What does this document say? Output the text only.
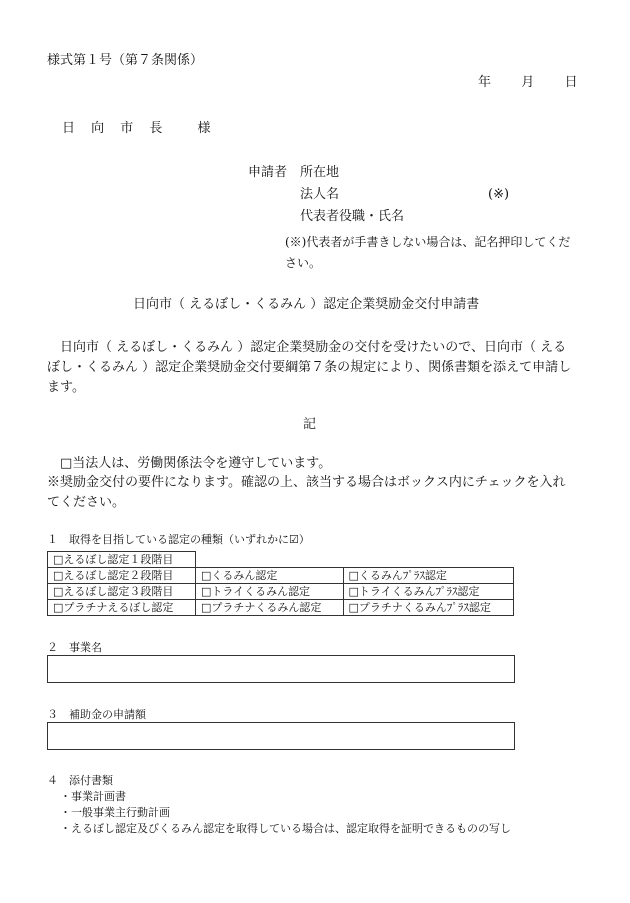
様式第１号（第７条関係）
年 月 日
日 向 市 長 　様
申請者 所在地
法人名	(※)
代表者役職・氏名
(※)代表者が手書きしない場合は、記名押印してください。
日向市（ えるぼし・くるみん ）認定企業奨励金交付申請書
日向市（ えるぼし・くるみん ）認定企業奨励金の交付を受けたいので、日向市（ えるぼし・くるみん ）認定企業奨励金交付要綱第７条の規定により、関係書類を添えて申請します。
記
□当法人は、労働関係法令を遵守しています。
※奨励金交付の要件になります。確認の上、該当する場合はボックス内にチェックを入れてください。
１　取得を目指している認定の種類（いずれかに☑）
□えるぼし認定１段階目		
□えるぼし認定２段階目	□くるみん認定	□くるみんﾌﾟﾗｽ認定
□えるぼし認定３段階目	□トライくるみん認定	□トライくるみんﾌﾟﾗｽ認定
□プラチナえるぼし認定	□プラチナくるみん認定	□プラチナくるみんﾌﾟﾗｽ認定
２　事業名
３　補助金の申請額
４　添付書類
・事業計画書
・一般事業主行動計画
・えるぼし認定及びくるみん認定を取得している場合は、認定取得を証明できるものの写し
